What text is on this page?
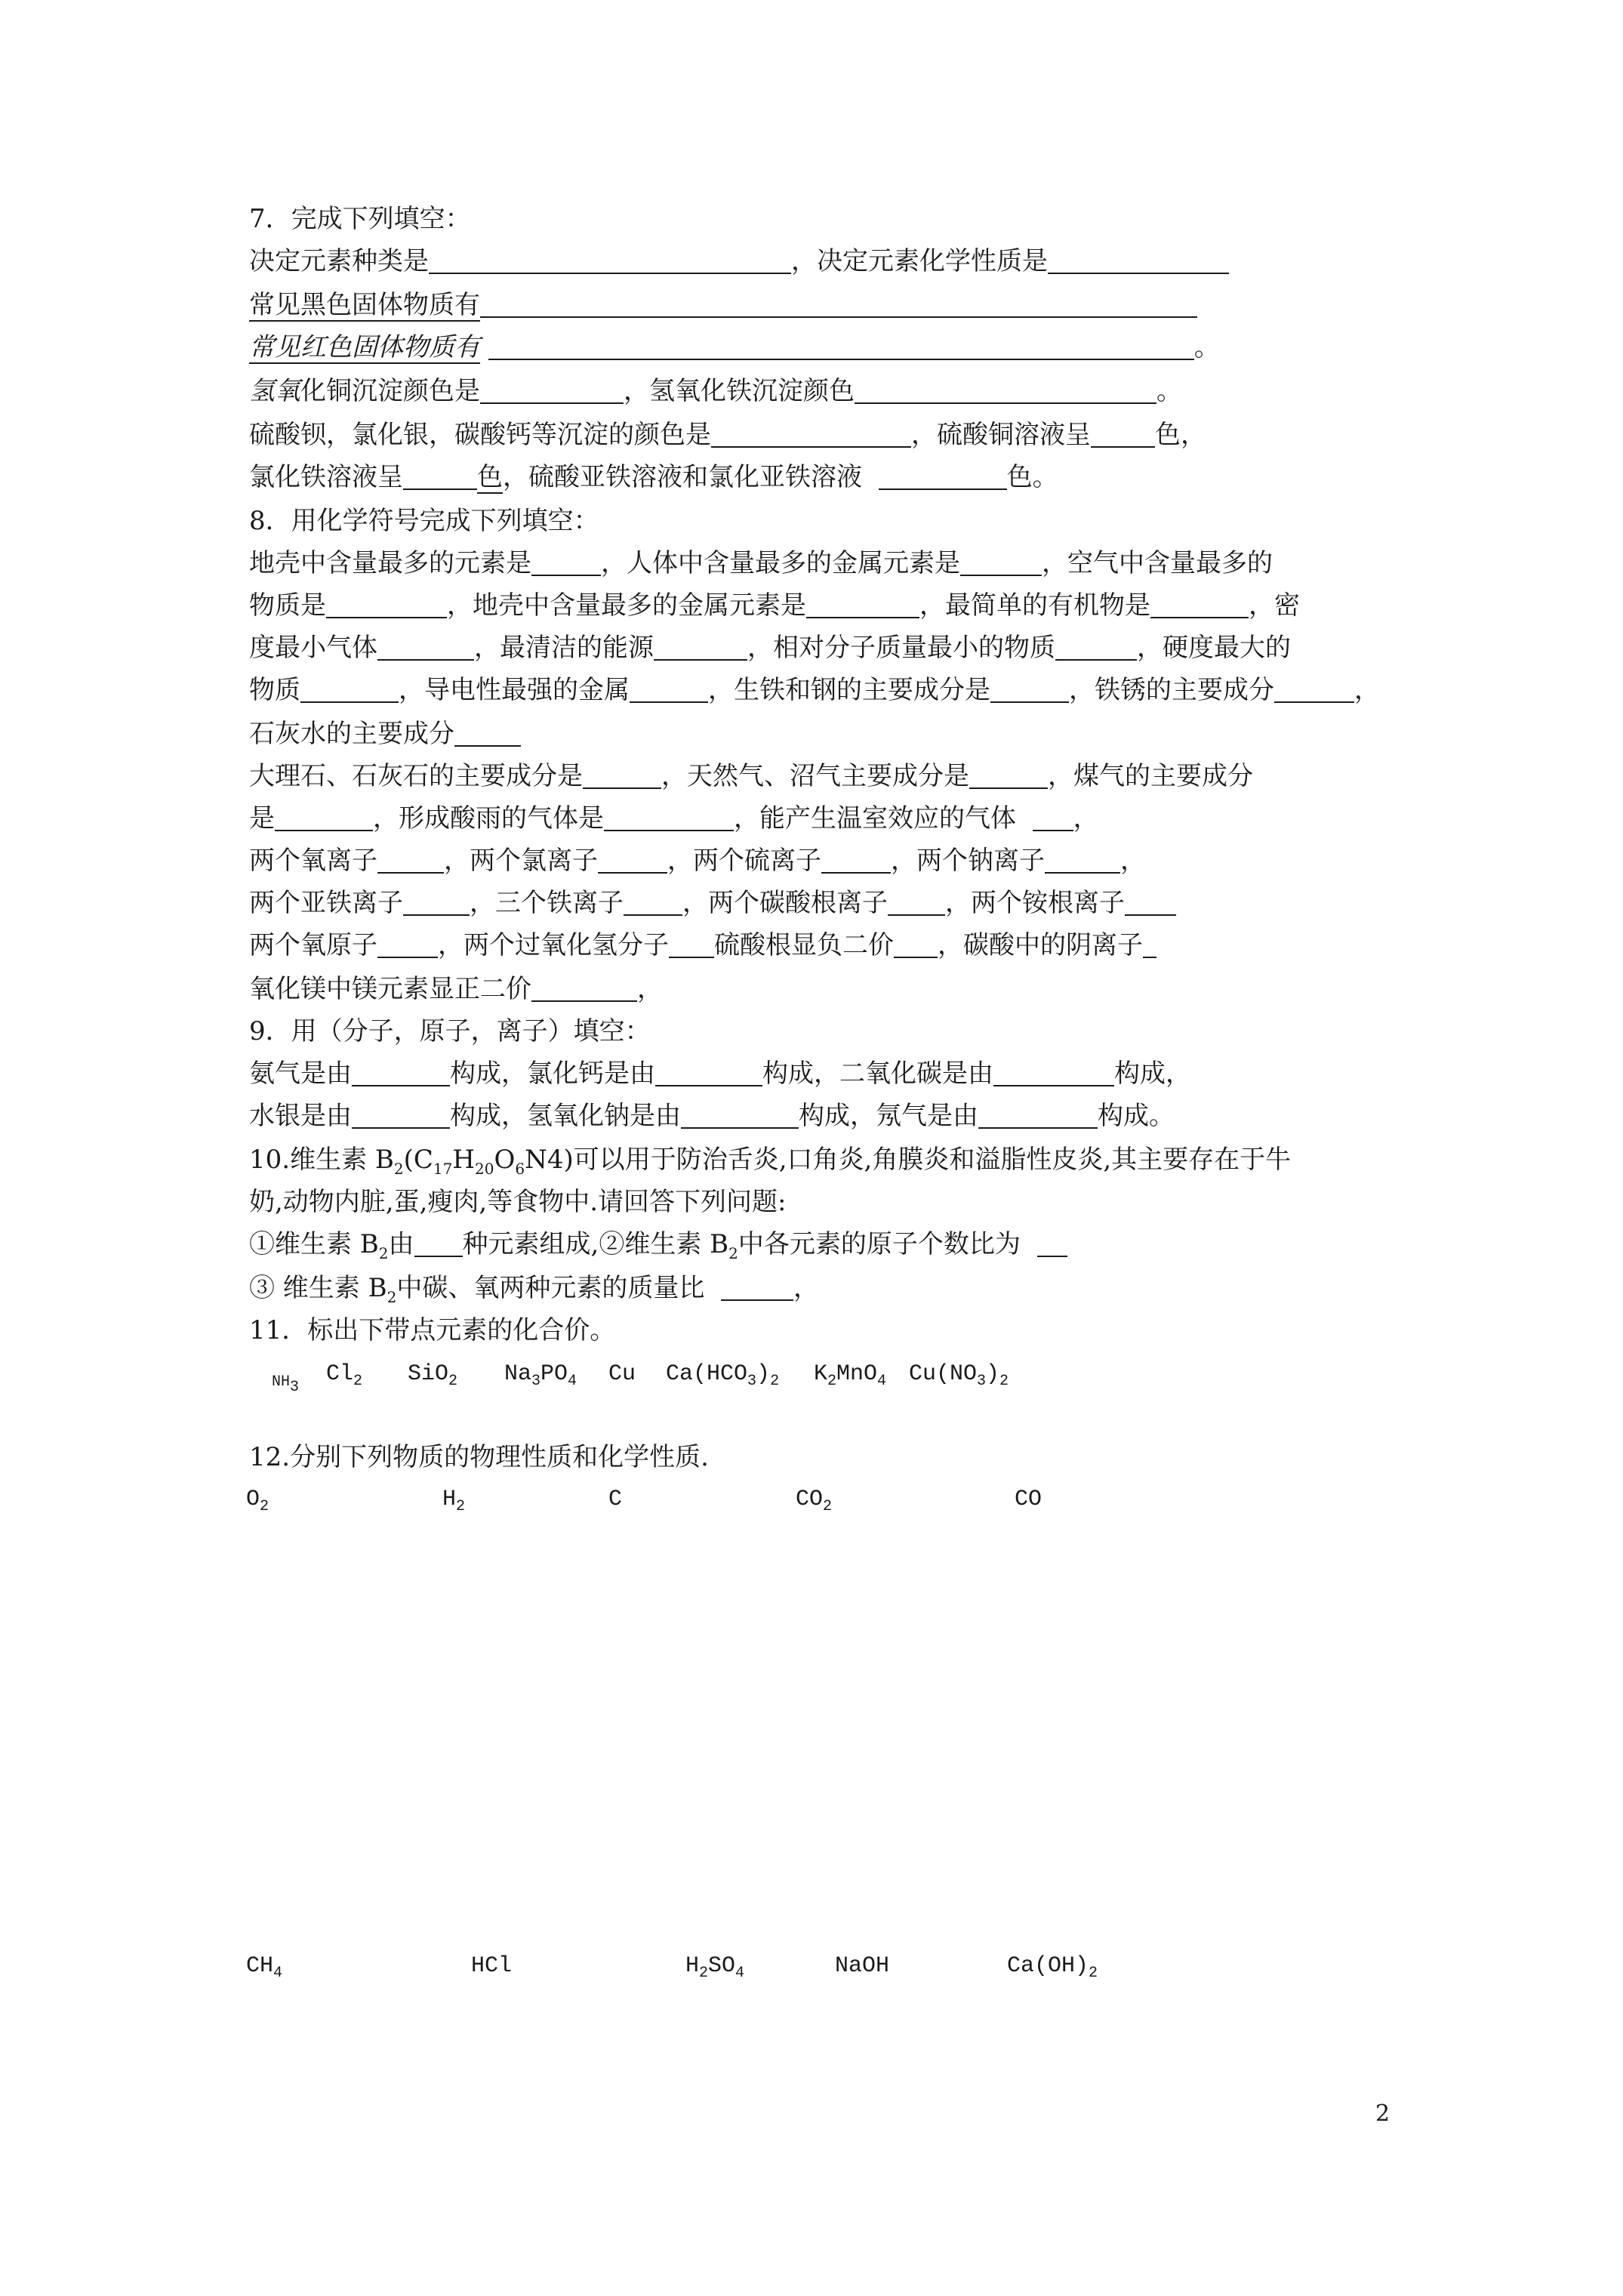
7．完成下列填空：
决定元素种类是	，决定元素化学性质是
常见黑色固体物质有
常见红色固体物质有	。
氢氧化铜沉淀颜色是	，氢氧化铁沉淀颜色	。
硫酸钡，氯化银，碳酸钙等沉淀的颜色是	，硫酸铜溶液呈	色，
氯化铁溶液呈	色，硫酸亚铁溶液和氯化亚铁溶液	色。
8．用化学符号完成下列填空：
地壳中含量最多的元素是	，人体中含量最多的金属元素是	，空气中含量最多的
物质是	，地壳中含量最多的金属元素是	，最简单的有机物是	，密
度最小气体	，最清洁的能源	，相对分子质量最小的物质	，硬度最大的
物质	，导电性最强的金属	，生铁和钢的主要成分是	，铁锈的主要成分	，
石灰水的主要成分
大理石、石灰石的主要成分是	，天然气、沼气主要成分是	，煤气的主要成分
是	，形成酸雨的气体是	，能产生温室效应的气体 ，
两个氧离子	，两个氯离子	，两个硫离子	，两个钠离子	，
两个亚铁离子	，三个铁离子 ，两个碳酸根离子 ，两个铵根离子
两个氧原子 ，两个过氧化氢分子 硫酸根显负二价 ，碳酸中的阴离子
氧化镁中镁元素显正二价	，
9．用（分子，原子，离子）填空：
氨气是由	构成，氯化钙是由	构成，二氧化碳是由	构成，
水银是由	构成，氢氧化钠是由	构成，氖气是由	构成。
10.维生素 $B_2(C_{17}H_{20}O_6N4)$可以用于防治舌炎,口角炎,角膜炎和溢脂性皮炎,其主要存在于牛
奶,动物内脏,蛋,瘦肉,等食物中.请回答下列问题:
①维生素 $B_2$由 种元素组成,②维生素 $B_2$中各元素的原子个数比为
③ 维生素 $B_2$中碳、氧两种元素的质量比	，
11．标出下带点元素的化合价。
$NH_3$
$Cl_2$ SiO$_2$ $Na_3PO_4$ Cu $Ca(HCO_3)_2$ $K_2MnO_4$ $Cu(NO_3)_2$
12.分别下列物质的物理性质和化学性质.
$O_2$	$H_2$	C	$CO_2$	CO
$CH_4$	HCl	$H_2SO_4$	NaOH	$Ca(OH)_2$
2
